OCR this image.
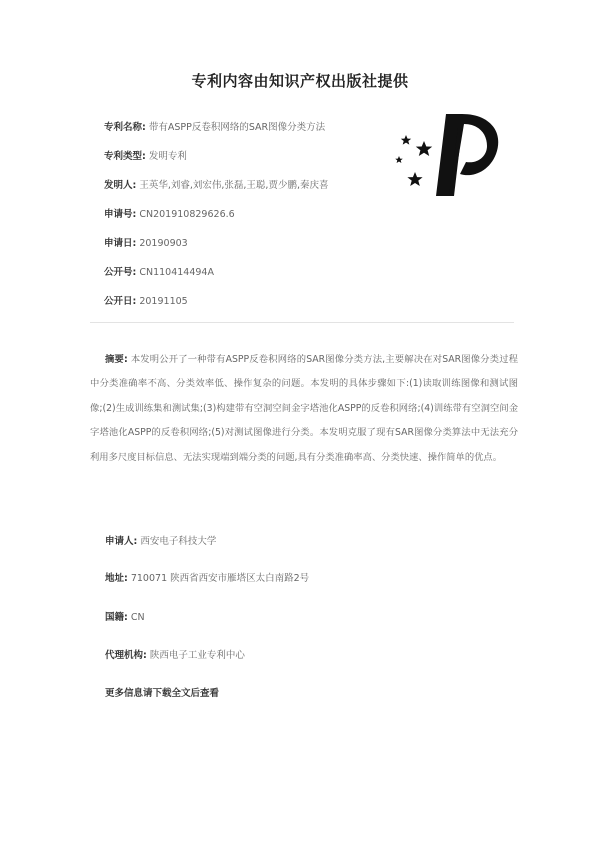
专利内容由知识产权出版社提供
专利名称: 带有ASPP反卷积网络的SAR图像分类方法
专利类型: 发明专利
发明人: 王英华,刘睿,刘宏伟,张磊,王聪,贾少鹏,秦庆喜
申请号: CN201910829626.6
申请日: 20190903
公开号: CN110414494A
公开日: 20191105
摘要: 本发明公开了一种带有ASPP反卷积网络的SAR图像分类方法,主要解决在对SAR图像分类过程中分类准确率不高、分类效率低、操作复杂的问题。本发明的具体步骤如下:(1)读取训练图像和测试图像;(2)生成训练集和测试集;(3)构建带有空洞空间金字塔池化ASPP的反卷积网络;(4)训练带有空洞空间金字塔池化ASPP的反卷积网络;(5)对测试图像进行分类。本发明克服了现有SAR图像分类算法中无法充分利用多尺度目标信息、无法实现端到端分类的问题,具有分类准确率高、分类快速、操作简单的优点。
申请人: 西安电子科技大学
地址: 710071 陕西省西安市雁塔区太白南路2号
国籍: CN
代理机构: 陕西电子工业专利中心
更多信息请下载全文后查看
